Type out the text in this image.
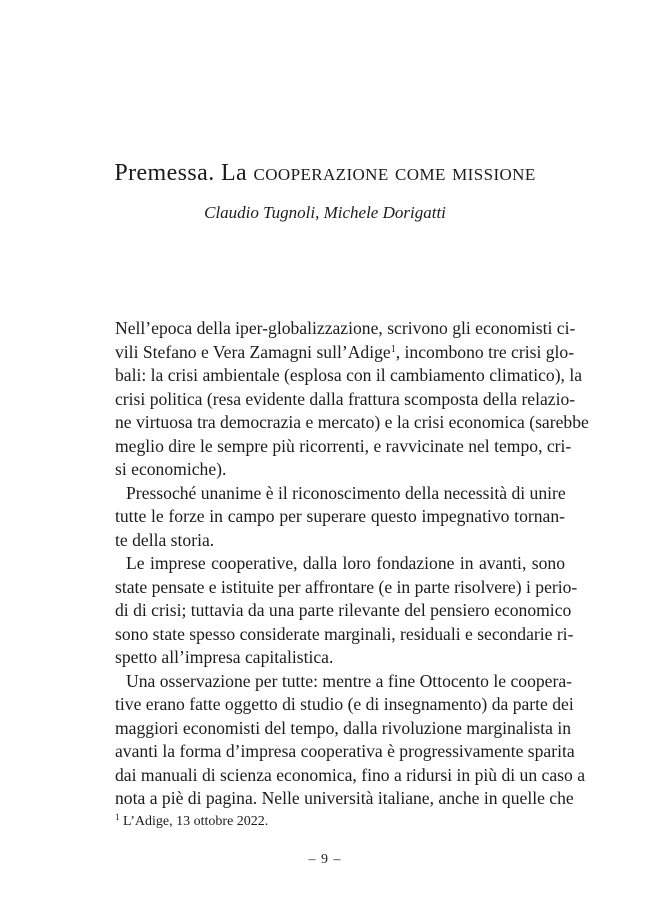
Premessa. La cooperazione come missione
Claudio Tugnoli, Michele Dorigatti
Nell’epoca della iper-globalizzazione, scrivono gli economisti ci-
vili Stefano e Vera Zamagni sull’Adige$^1$, incombono tre crisi glo-
bali: la crisi ambientale (esplosa con il cambiamento climatico), la
crisi politica (resa evidente dalla frattura scomposta della relazio-
ne virtuosa tra democrazia e mercato) e la crisi economica (sarebbe
meglio dire le sempre più ricorrenti, e ravvicinate nel tempo, cri-
si economiche).
Pressoché unanime è il riconoscimento della necessità di unire
tutte le forze in campo per superare questo impegnativo tornan-
te della storia.
Le imprese cooperative, dalla loro fondazione in avanti, sono
state pensate e istituite per affrontare (e in parte risolvere) i perio-
di di crisi; tuttavia da una parte rilevante del pensiero economico
sono state spesso considerate marginali, residuali e secondarie ri-
spetto all’impresa capitalistica.
Una osservazione per tutte: mentre a fine Ottocento le coopera-
tive erano fatte oggetto di studio (e di insegnamento) da parte dei
maggiori economisti del tempo, dalla rivoluzione marginalista in
avanti la forma d’impresa cooperativa è progressivamente sparita
dai manuali di scienza economica, fino a ridursi in più di un caso a
nota a piè di pagina. Nelle università italiane, anche in quelle che
$^1$ L’Adige, 13 ottobre 2022.
– 9 –
